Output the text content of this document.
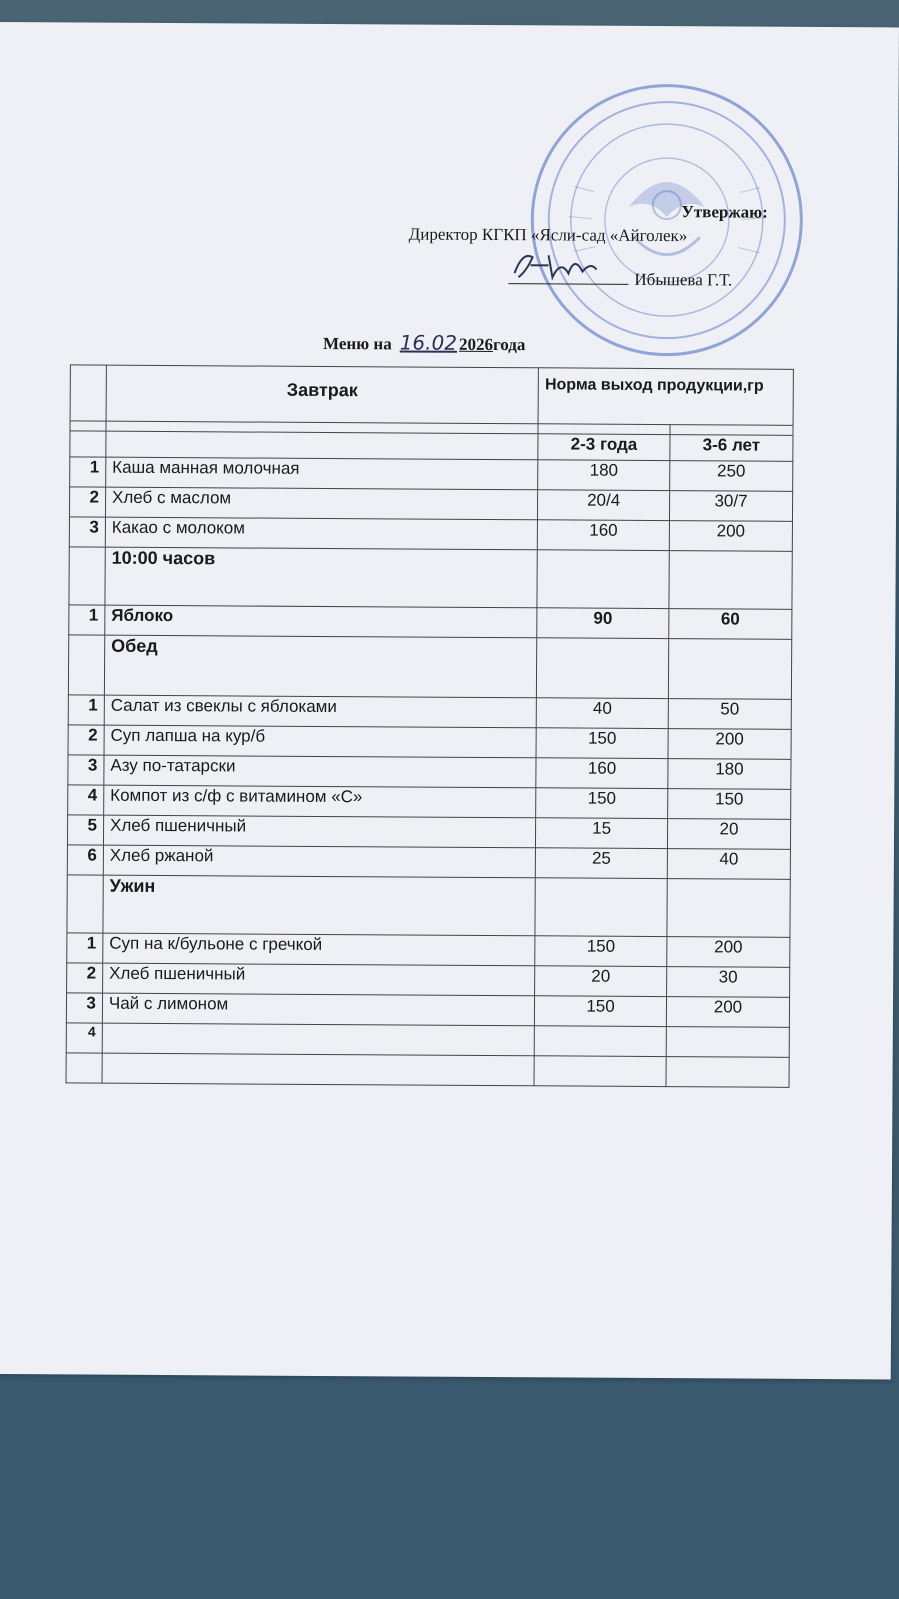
Утвержаю:
Директор КГКП «Ясли-сад «Айголек»
Ибышева Г.Т.
Меню на 16.02 2026года
	Завтрак	Норма выход продукции,гр	

		2-3 года	3-6 лет
1	Каша манная молочная	180	250
2	Хлеб с маслом	20/4	30/7
3	Какао с молоком	160	200
	10:00 часов		
1	Яблоко	90	60
	Обед		
1	Салат из свеклы с яблоками	40	50
2	Суп лапша на кур/б	150	200
3	Азу по-татарски	160	180
4	Компот из с/ф с витамином «С»	150	150
5	Хлеб пшеничный	15	20
6	Хлеб ржаной	25	40
	Ужин		
1	Суп на к/бульоне с гречкой	150	200
2	Хлеб пшеничный	20	30
3	Чай с лимоном	150	200
4			
